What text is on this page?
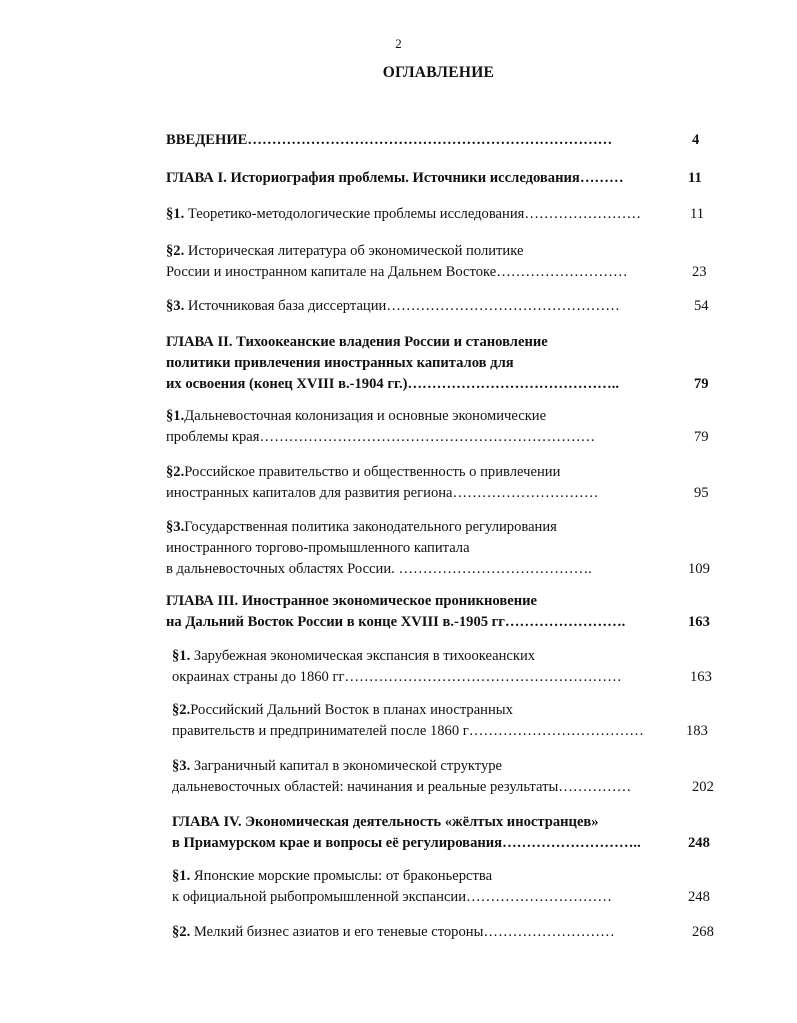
2
ОГЛАВЛЕНИЕ
ВВЕДЕНИЕ…………………………………………………………………	4
ГЛАВА I. Историография проблемы. Источники исследования………	11
§1. Теоретико-методологические проблемы исследования……………………	11
§2. Историческая литература об экономической политике
России и иностранном капитале на Дальнем Востоке………………………	23
§3. Источниковая база диссертации…………………………………………	54
ГЛАВА II. Тихоокеанские владения России и становление
политики привлечения иностранных капиталов для
их освоения (конец XVIII в.-1904 гг.)……………………………………..	79
§1.Дальневосточная колонизация и основные экономические
проблемы края……………………………………………………………	79
§2.Российское правительство и общественность о привлечении
иностранных капиталов для развития региона…………………………	95
§3.Государственная политика законодательного регулирования
иностранного торгово-промышленного капитала
в дальневосточных областях России. ………………………………….	109
ГЛАВА III. Иностранное экономическое проникновение
на Дальний Восток России в конце XVIII в.-1905 гг…………………….	163
§1. Зарубежная экономическая экспансия в тихоокеанских
окраинах страны до 1860 гг…………………………………………………	163
§2.Российский Дальний Восток в планах иностранных
правительств и предпринимателей после 1860 г………………………………	183
§3. Заграничный капитал в экономической структуре
дальневосточных областей: начинания и реальные результаты……………	202
ГЛАВА IV. Экономическая деятельность «жёлтых иностранцев»
в Приамурском крае и вопросы её регулирования………………………..	248
§1. Японские морские промыслы: от браконьерства
к официальной рыбопромышленной экспансии…………………………	248
§2. Мелкий бизнес азиатов и его теневые стороны………………………	268
